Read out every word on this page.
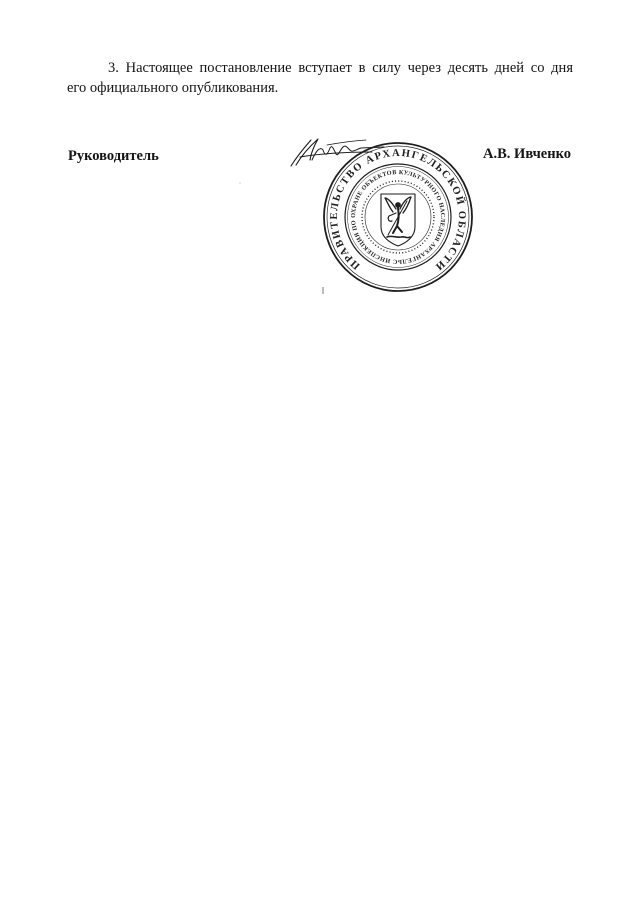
3. Настоящее постановление вступает в силу через десять дней со дня
его официального опубликования.
Руководитель	А.В. Ивченко
ПРАВИТЕЛЬСТВО АРХАНГЕЛЬСКОЙ ОБЛАСТИ
ИНСПЕКЦИЯ ПО ОХРАНЕ ОБЪЕКТОВ КУЛЬТУРНОГО НАСЛЕДИЯ АРХАНГЕЛЬСКОЙ ОБЛАСТИ
